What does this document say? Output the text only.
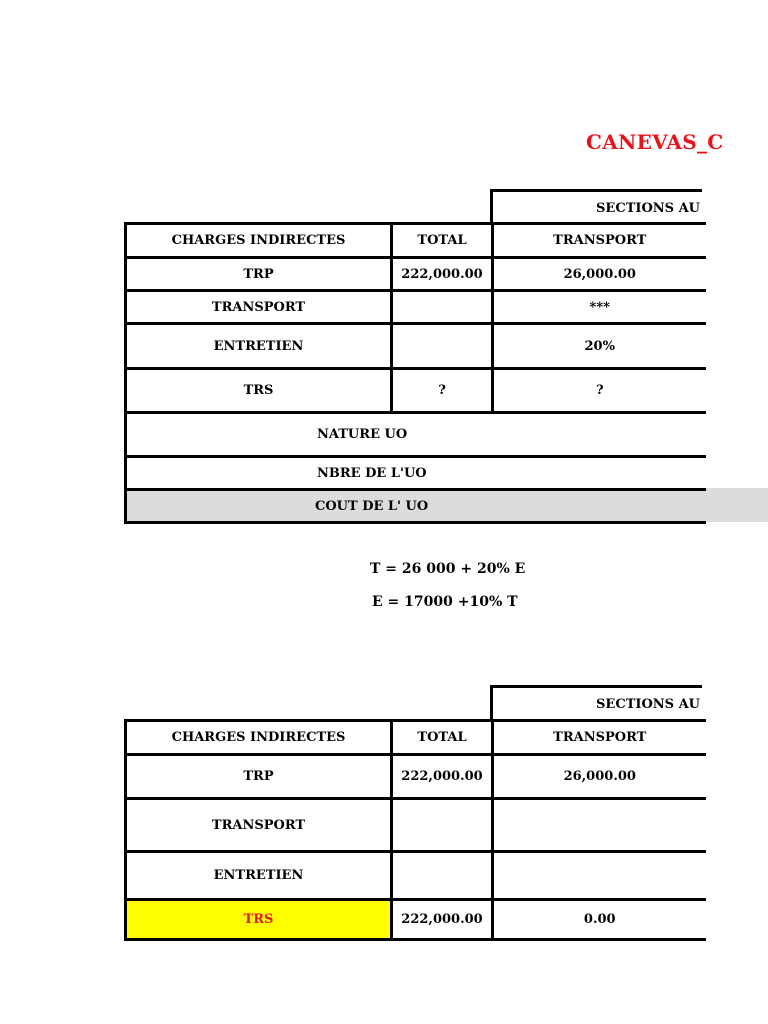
CANEVAS_C
SECTIONS AU
CHARGES INDIRECTES	TOTAL	TRANSPORT
TRP	222,000.00	26,000.00
TRANSPORT		***
ENTRETIEN		20%
TRS	?	?
NATURE UO		
NBRE DE L'UO		
COUT DE L' UO		
T = 26 000 + 20% E
E = 17000 +10% T
SECTIONS AU
CHARGES INDIRECTES	TOTAL	TRANSPORT
TRP	222,000.00	26,000.00
TRANSPORT		
ENTRETIEN		
TRS	222,000.00	0.00
